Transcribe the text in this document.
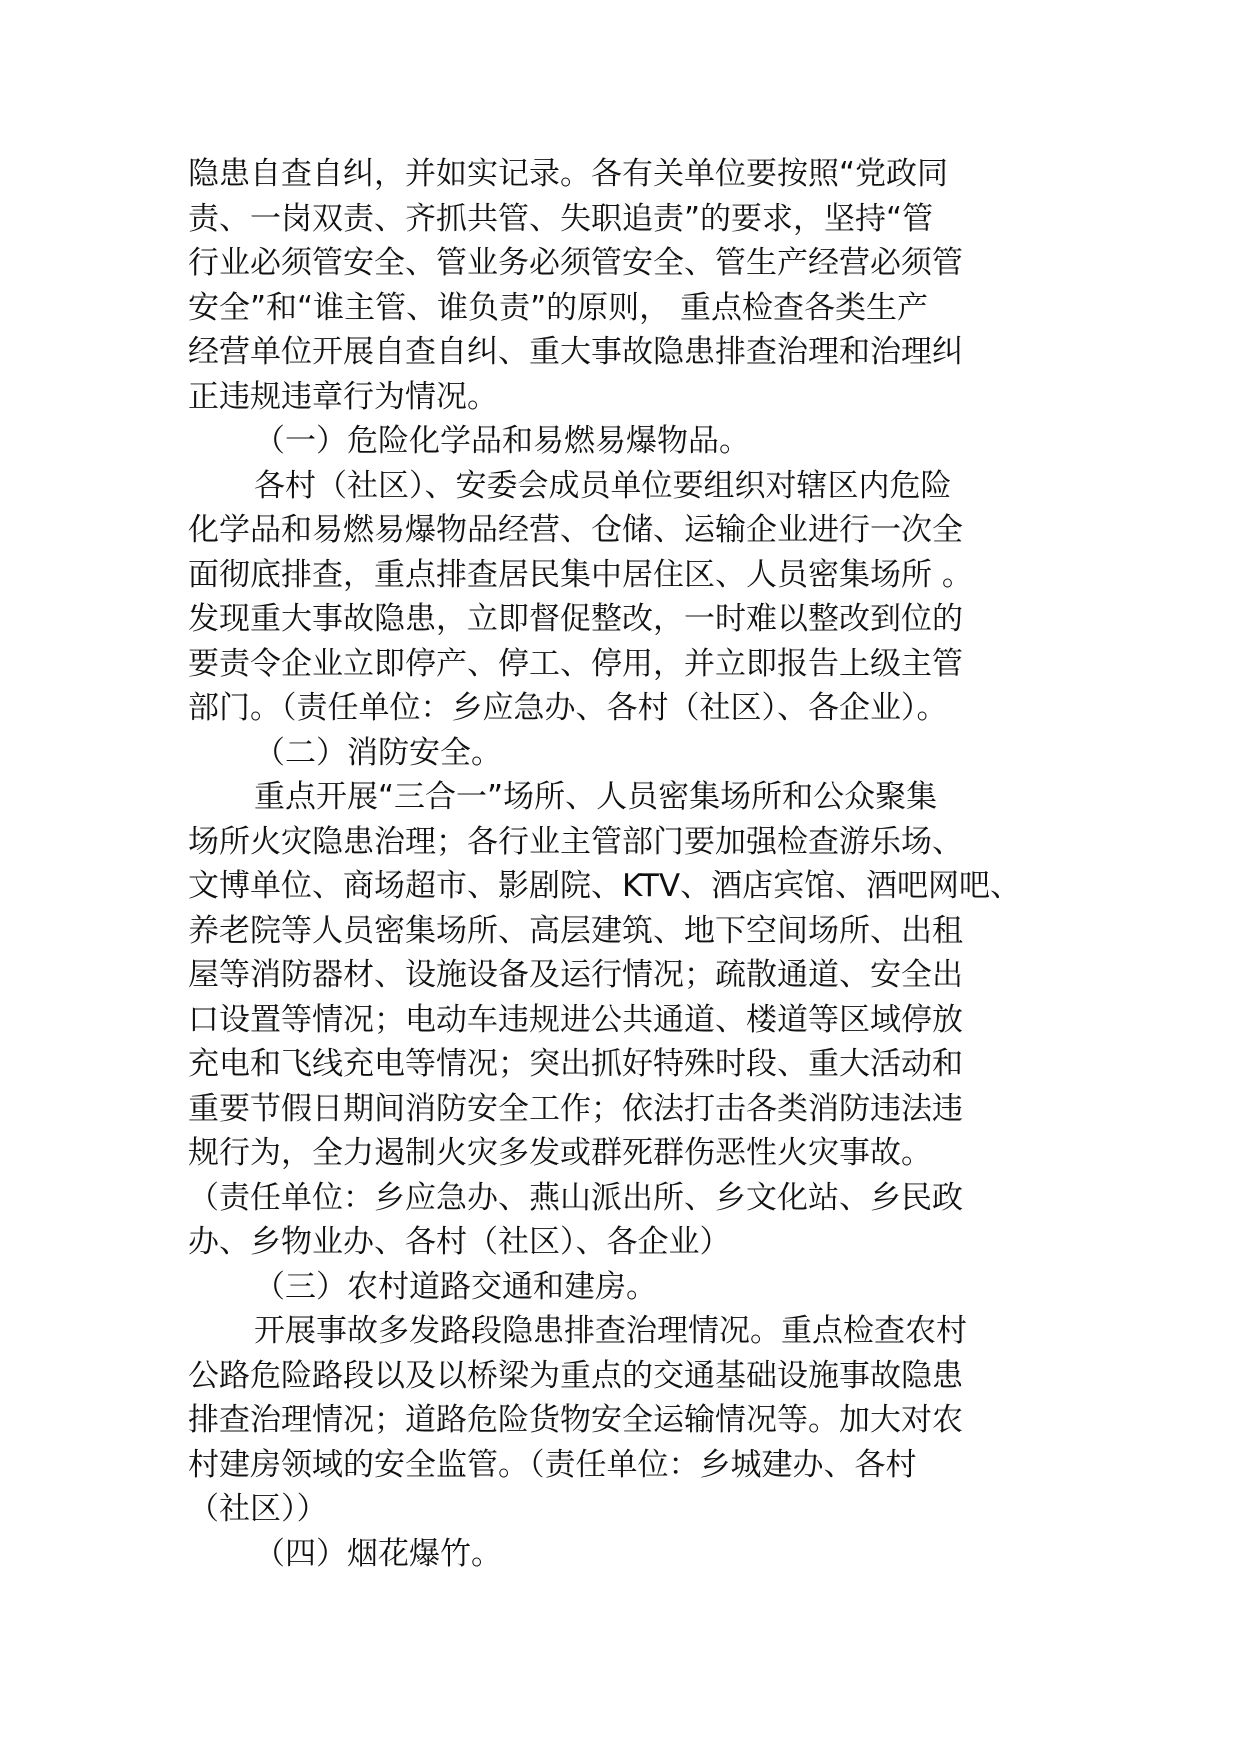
隐患自查自纠，并如实记录。各有关单位要按照“党政同
责、一岗双责、齐抓共管、失职追责”的要求，坚持“管
行业必须管安全、管业务必须管安全、管生产经营必须管
安全”和“谁主管、谁负责”的原则， 重点检查各类生产
经营单位开展自查自纠、重大事故隐患排查治理和治理纠
正违规违章行为情况。
（一）危险化学品和易燃易爆物品。
各村（社区）、安委会成员单位要组织对辖区内危险
化学品和易燃易爆物品经营、仓储、运输企业进行一次全
面彻底排查，重点排查居民集中居住区、人员密集场所 。
发现重大事故隐患，立即督促整改，一时难以整改到位的
要责令企业立即停产、停工、停用，并立即报告上级主管
部门。（责任单位：乡应急办、各村（社区）、各企业）。
（二）消防安全。
重点开展“三合一”场所、人员密集场所和公众聚集
场所火灾隐患治理；各行业主管部门要加强检查游乐场、
文博单位、商场超市、影剧院、KTV、酒店宾馆、酒吧网吧、
养老院等人员密集场所、高层建筑、地下空间场所、出租
屋等消防器材、设施设备及运行情况；疏散通道、安全出
口设置等情况；电动车违规进公共通道、楼道等区域停放
充电和飞线充电等情况；突出抓好特殊时段、重大活动和
重要节假日期间消防安全工作；依法打击各类消防违法违
规行为，全力遏制火灾多发或群死群伤恶性火灾事故。
（责任单位：乡应急办、燕山派出所、乡文化站、乡民政
办、乡物业办、各村（社区）、各企业）
（三）农村道路交通和建房。
开展事故多发路段隐患排查治理情况。重点检查农村
公路危险路段以及以桥梁为重点的交通基础设施事故隐患
排查治理情况；道路危险货物安全运输情况等。加大对农
村建房领域的安全监管。（责任单位：乡城建办、各村
（社区））
（四）烟花爆竹。
